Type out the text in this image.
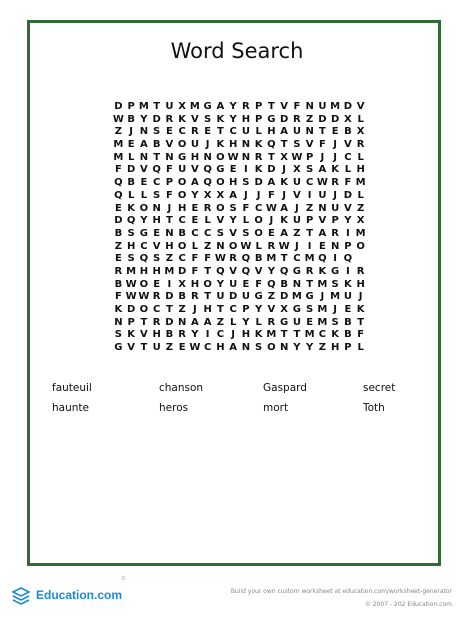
Word Search
D P M T U X M G A Y R P T V F N U M D V
W B Y D R K V S K Y H P G D R Z D D X L
Z J N S E C R E T C U L H A U N T E B X
M E A B V O U J K H N K Q T S V F J V R
M L N T N G H N O W N R T X W P J J C L
F D V Q F U V Q G E I K D J X S A K L H
Q B E C P O A Q O H S D A K U C W R F M
Q L L S F O Y X X A J J F J V I U J D L
E K O N J H E R O S F C W A J Z N U V Z
D Q Y H T C E L V Y L O J K U P V P Y X
B S G E N B C C S V S O E A Z T A R I M
Z H C V H O L Z N O W L R W J I E N P O
E S Q S Z C F F W R Q B M T C M Q I Q
R M H H M D F T Q V Q V Y Q G R K G I R
B W O E I X H O Y U E F Q B N T M S K H
F W W R D B R T U D U G Z D M G J M U J
K D O C T Z J H T C P Y V X G S M J E K
N P T R D N A A Z L Y L R G U E M S B T
S K V H B R Y I C J H K M T T M C K B F
G V T U Z E W C H A N S O N Y Y Z H P L
fauteuil	chanson	Gaspard	secret
haunte	heros	mort	Toth
©
Education.com	Build your own custom worksheet at education.com/worksheet-generator
© 2007 - 202 Education.com
